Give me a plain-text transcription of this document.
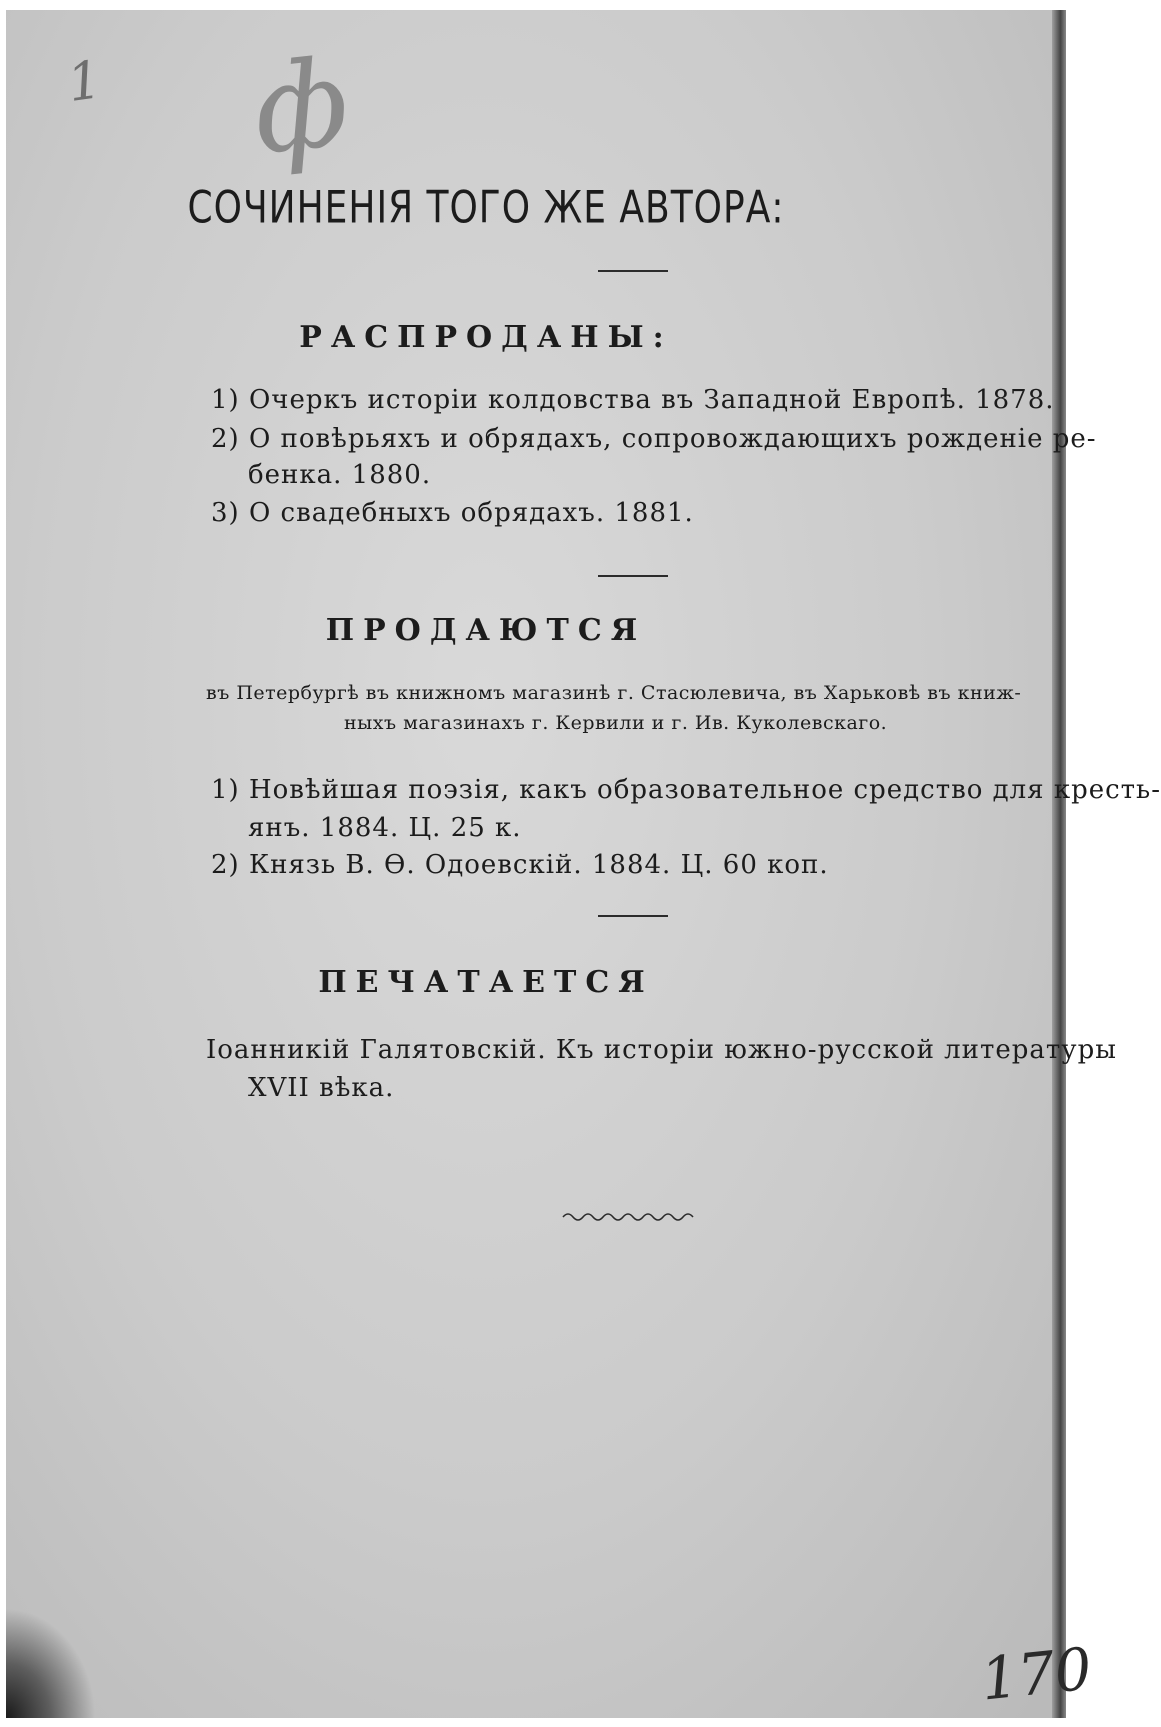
1 ф
170
СОЧИНЕНІЯ ТОГО ЖЕ АВТОРА:
РАСПРОДАНЫ:
1) Очеркъ исторіи колдовства въ Западной Европѣ. 1878.
2) О повѣрьяхъ и обрядахъ, сопровождающихъ рожденіе ре-
бенка. 1880.
3) О свадебныхъ обрядахъ. 1881.
ПРОДАЮТСЯ
въ Петербургѣ въ книжномъ магазинѣ г. Стасюлевича, въ Харьковѣ въ книж-
ныхъ магазинахъ г. Кервили и г. Ив. Куколевскаго.
1) Новѣйшая поэзія, какъ образовательное средство для кресть-
янъ. 1884. Ц. 25 к.
2) Князь В. Ѳ. Одоевскій. 1884. Ц. 60 коп.
ПЕЧАТАЕТСЯ
Іоанникій Галятовскій. Къ исторіи южно-русской литературы
XVII вѣка.
